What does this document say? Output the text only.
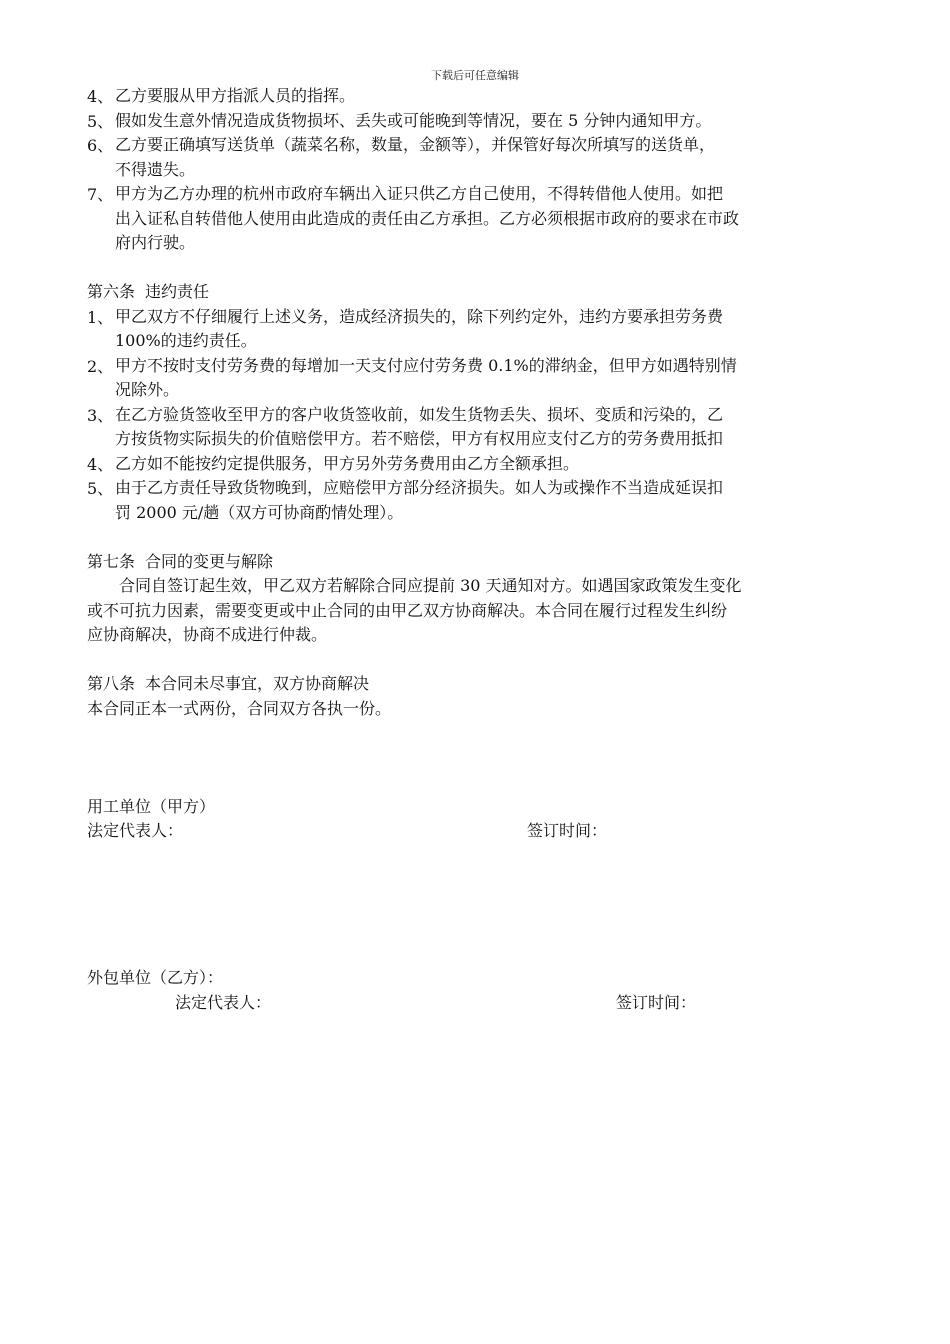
下载后可任意编辑
4、 乙方要服从甲方指派人员的指挥。
5、 假如发生意外情况造成货物损坏、丢失或可能晚到等情况，要在 5 分钟内通知甲方。
6、 乙方要正确填写送货单（蔬菜名称，数量，金额等），并保管好每次所填写的送货单，
不得遗失。
7、 甲方为乙方办理的杭州市政府车辆出入证只供乙方自己使用，不得转借他人使用。如把
出入证私自转借他人使用由此造成的责任由乙方承担。乙方必须根据市政府的要求在市政
府内行驶。
第六条 违约责任
1、 甲乙双方不仔细履行上述义务，造成经济损失的，除下列约定外，违约方要承担劳务费
100%的违约责任。
2、 甲方不按时支付劳务费的每增加一天支付应付劳务费 0.1%的滞纳金，但甲方如遇特别情
况除外。
3、 在乙方验货签收至甲方的客户收货签收前，如发生货物丢失、损坏、变质和污染的，乙
方按货物实际损失的价值赔偿甲方。若不赔偿，甲方有权用应支付乙方的劳务费用抵扣
4、 乙方如不能按约定提供服务，甲方另外劳务费用由乙方全额承担。
5、 由于乙方责任导致货物晚到，应赔偿甲方部分经济损失。如人为或操作不当造成延误扣
罚 2000 元/趟（双方可协商酌情处理）。
第七条 合同的变更与解除
合同自签订起生效，甲乙双方若解除合同应提前 30 天通知对方。如遇国家政策发生变化
或不可抗力因素，需要变更或中止合同的由甲乙双方协商解决。本合同在履行过程发生纠纷
应协商解决，协商不成进行仲裁。
第八条 本合同未尽事宜，双方协商解决
本合同正本一式两份，合同双方各执一份。
用工单位（甲方）
法定代表人：	签订时间：
外包单位（乙方）：
法定代表人：	签订时间：
